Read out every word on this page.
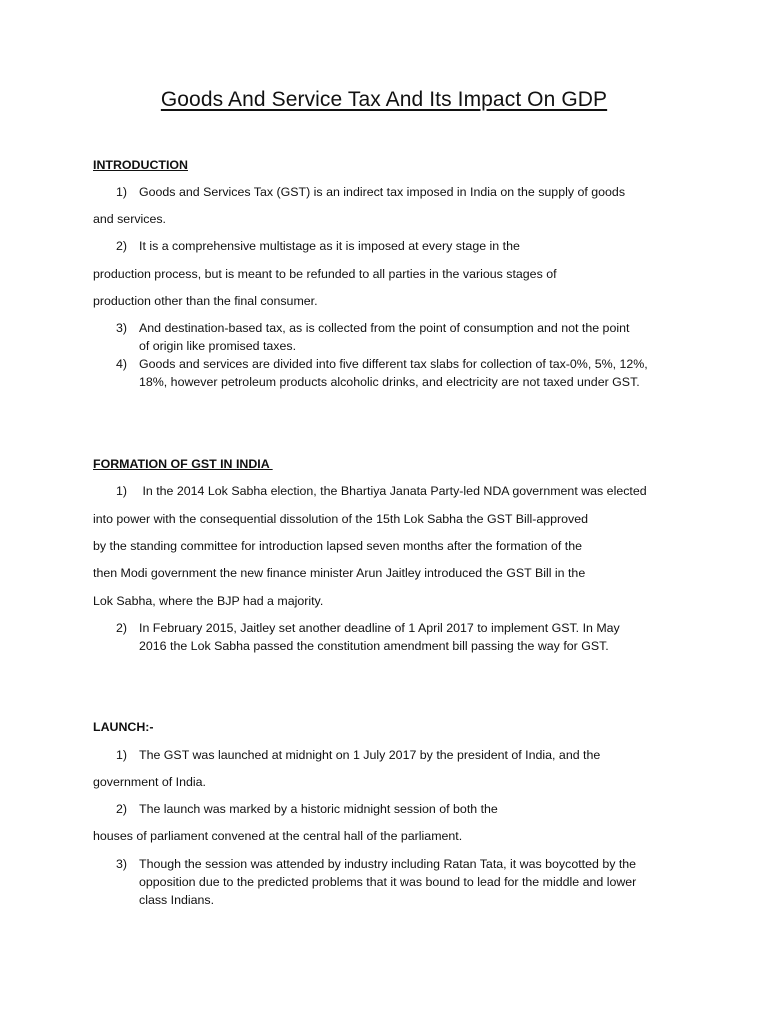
Goods And Service Tax And Its Impact On GDP
INTRODUCTION
1) Goods and Services Tax (GST) is an indirect tax imposed in India on the supply of goods
and services.
2) It is a comprehensive multistage as it is imposed at every stage in the
production process, but is meant to be refunded to all parties in the various stages of
production other than the final consumer.
3) And destination-based tax, as is collected from the point of consumption and not the point
of origin like promised taxes.
4) Goods and services are divided into five different tax slabs for collection of tax-0%, 5%, 12%,
18%, however petroleum products alcoholic drinks, and electricity are not taxed under GST.
FORMATION OF GST IN INDIA
1) In the 2014 Lok Sabha election, the Bhartiya Janata Party-led NDA government was elected
into power with the consequential dissolution of the 15th Lok Sabha the GST Bill-approved
by the standing committee for introduction lapsed seven months after the formation of the
then Modi government the new finance minister Arun Jaitley introduced the GST Bill in the
Lok Sabha, where the BJP had a majority.
2) In February 2015, Jaitley set another deadline of 1 April 2017 to implement GST. In May
2016 the Lok Sabha passed the constitution amendment bill passing the way for GST.
LAUNCH:-
1) The GST was launched at midnight on 1 July 2017 by the president of India, and the
government of India.
2) The launch was marked by a historic midnight session of both the
houses of parliament convened at the central hall of the parliament.
3) Though the session was attended by industry including Ratan Tata, it was boycotted by the
opposition due to the predicted problems that it was bound to lead for the middle and lower
class Indians.
